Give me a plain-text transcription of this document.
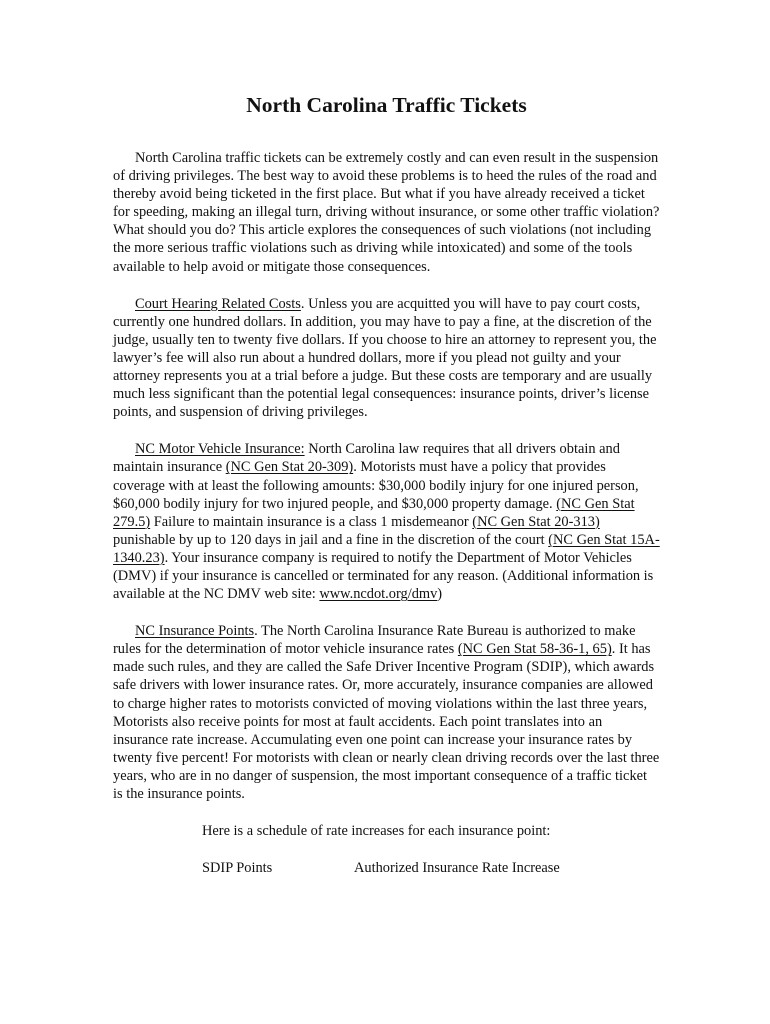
North Carolina Traffic Tickets

North Carolina traffic tickets can be extremely costly and can even result in the suspension of driving privileges. The best way to avoid these problems is to heed the rules of the road and thereby avoid being ticketed in the first place. But what if you have already received a ticket for speeding, making an illegal turn, driving without insurance, or some other traffic violation? What should you do? This article explores the consequences of such violations (not including the more serious traffic violations such as driving while intoxicated) and some of the tools available to help avoid or mitigate those consequences.

Court Hearing Related Costs. Unless you are acquitted you will have to pay court costs, currently one hundred dollars. In addition, you may have to pay a fine, at the discretion of the judge, usually ten to twenty five dollars. If you choose to hire an attorney to represent you, the lawyer’s fee will also run about a hundred dollars, more if you plead not guilty and your attorney represents you at a trial before a judge. But these costs are temporary and are usually much less significant than the potential legal consequences: insurance points, driver’s license points, and suspension of driving privileges.

NC Motor Vehicle Insurance: North Carolina law requires that all drivers obtain and maintain insurance (NC Gen Stat 20-309). Motorists must have a policy that provides coverage with at least the following amounts: $30,000 bodily injury for one injured person, $60,000 bodily injury for two injured people, and $30,000 property damage. (NC Gen Stat 279.5) Failure to maintain insurance is a class 1 misdemeanor (NC Gen Stat 20-313) punishable by up to 120 days in jail and a fine in the discretion of the court (NC Gen Stat 15A-1340.23). Your insurance company is required to notify the Department of Motor Vehicles (DMV) if your insurance is cancelled or terminated for any reason. (Additional information is available at the NC DMV web site: www.ncdot.org/dmv)

NC Insurance Points. The North Carolina Insurance Rate Bureau is authorized to make rules for the determination of motor vehicle insurance rates (NC Gen Stat 58-36-1, 65). It has made such rules, and they are called the Safe Driver Incentive Program (SDIP), which awards safe drivers with lower insurance rates. Or, more accurately, insurance companies are allowed to charge higher rates to motorists convicted of moving violations within the last three years, Motorists also receive points for most at fault accidents. Each point translates into an insurance rate increase. Accumulating even one point can increase your insurance rates by twenty five percent! For motorists with clean or nearly clean driving records over the last three years, who are in no danger of suspension, the most important consequence of a traffic ticket is the insurance points.

Here is a schedule of rate increases for each insurance point:

SDIP Points	Authorized Insurance Rate Increase
